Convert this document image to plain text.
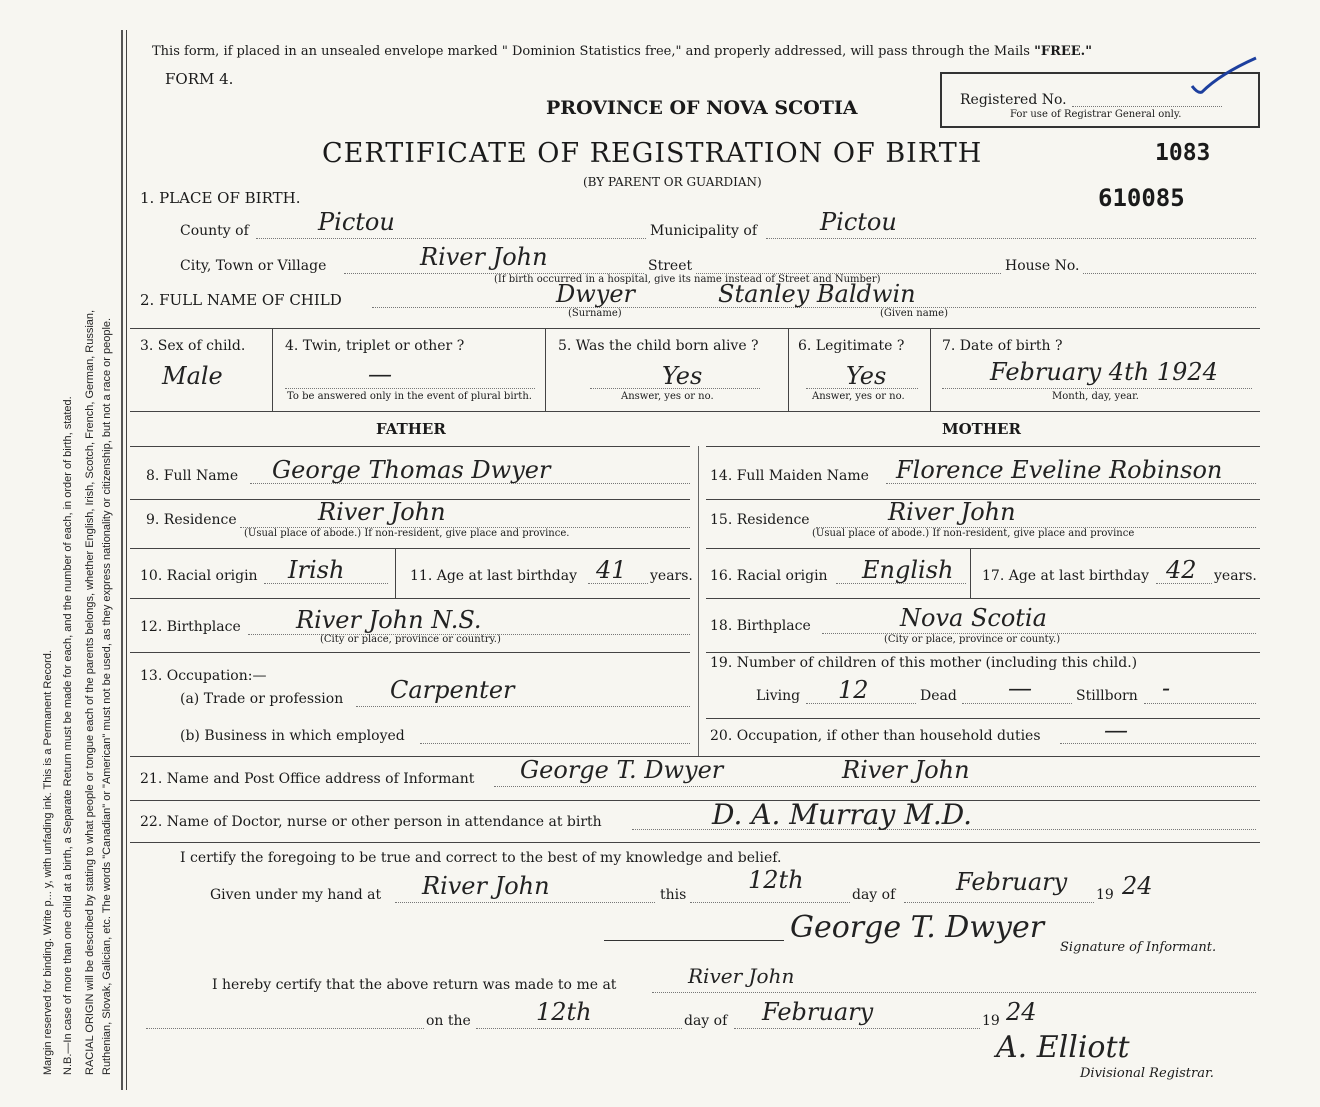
Margin reserved for binding. Write p... y, with unfading ink. This is a Permanent Record. N.B.—In case of more than one child at a birth, a Separate Return must be made for each, and the number of each, in order of birth, stated. RACIAL ORIGIN will be described by stating to what people or tongue each of the parents belongs, whether English, Irish, Scotch, French, German, Russian, Ruthenian, Slovak, Galician, etc. The words "Canadian" or "American" must not be used, as they express nationality or citizenship, but not a race or people.
This form, if placed in an unsealed envelope marked " Dominion Statistics free," and properly addressed, will pass through the Mails "FREE."
FORM 4.
PROVINCE OF NOVA SCOTIA
CERTIFICATE OF REGISTRATION OF BIRTH
(BY PARENT OR GUARDIAN)
Registered No.
For use of Registrar General only.
1083
610085
1. PLACE OF BIRTH.
County of	Pictou	Municipality of	Pictou
City, Town or Village	River John	Street	House No.
(If birth occurred in a hospital, give its name instead of Street and Number)
2. FULL NAME OF CHILD	Dwyer	Stanley Baldwin
(Surname)	(Given name)
3. Sex of child.
Male
4. Twin, triplet or other ?
—
To be answered only in the event of plural birth.
5. Was the child born alive ?
Yes
Answer, yes or no.
6. Legitimate ?
Yes
Answer, yes or no.
7. Date of birth ?
February 4th 1924
Month, day, year.
FATHER	MOTHER
8. Full Name George Thomas Dwyer
9. Residence	River John
(Usual place of abode.) If non-resident, give place and province.
10. Racial origin Irish	11. Age at last birthday 41 years.
12. Birthplace River John N.S.
(City or place, province or country.)
13. Occupation:—
(a) Trade or profession Carpenter
(b) Business in which employed
14. Full Maiden Name Florence Eveline Robinson
15. Residence	River John
(Usual place of abode.) If non-resident, give place and province
16. Racial origin English 17. Age at last birthday 42 years.
18. Birthplace	Nova Scotia
(City or place, province or county.)
19. Number of children of this mother (including this child.)
Living 12	Dead —	Stillborn -
20. Occupation, if other than household duties	—
21. Name and Post Office address of Informant George T. Dwyer	River John
22. Name of Doctor, nurse or other person in attendance at birth	D. A. Murray M.D.
I certify the foregoing to be true and correct to the best of my knowledge and belief.
Given under my hand at River John	this
12th
day of	February 19 24
George T. Dwyer
Signature of Informant.
I hereby certify that the above return was made to me at	River John
on the	12th	day of February	19 24
A. Elliott
Divisional Registrar.
